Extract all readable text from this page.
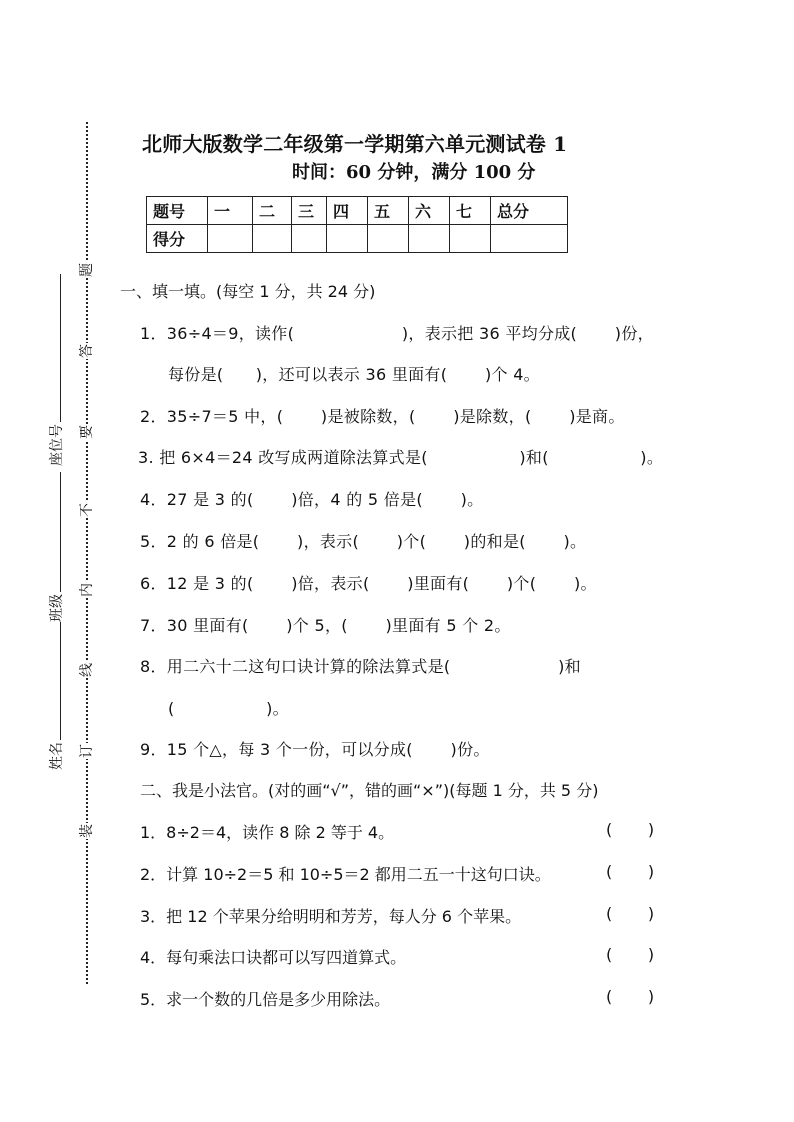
题
答
要
不
内
线
订
装
座位号
班级
姓名
北师大版数学二年级第一学期第六单元测试卷 1
时间：60 分钟，满分 100 分
题号	一	二	三	四	五	六	七	总分
得分								
一、填一填。(每空 1 分，共 24 分)
1．36÷4＝9，读作(                    )，表示把 36 平均分成(       )份，
每份是(      )，还可以表示 36 里面有(       )个 4。
2．35÷7＝5 中，(       )是被除数，(       )是除数，(       )是商。
3. 把 6×4＝24 改写成两道除法算式是(                 )和(                 )。
4．27 是 3 的(       )倍，4 的 5 倍是(       )。
5．2 的 6 倍是(       )，表示(       )个(       )的和是(       )。
6．12 是 3 的(       )倍，表示(       )里面有(       )个(       )。
7．30 里面有(       )个 5，(       )里面有 5 个 2。
8．用二六十二这句口诀计算的除法算式是(                    )和
(                 )。
9．15 个△，每 3 个一份，可以分成(       )份。
二、我是小法官。(对的画“√”，错的画“×”)(每题 1 分，共 5 分)
1．8÷2＝4，读作 8 除 2 等于 4。	(       )
2．计算 10÷2＝5 和 10÷5＝2 都用二五一十这句口诀。	(       )
3．把 12 个苹果分给明明和芳芳，每人分 6 个苹果。	(       )
4．每句乘法口诀都可以写四道算式。	(       )
5．求一个数的几倍是多少用除法。	(       )
